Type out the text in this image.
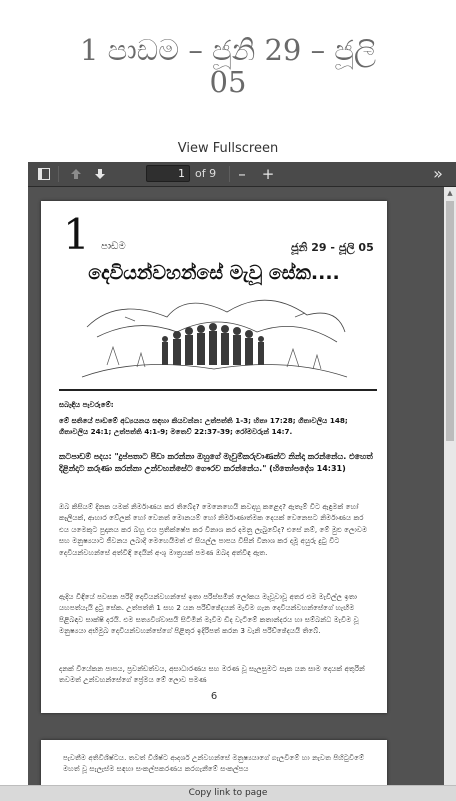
1 පාඩම – ජූනි 29 – ජූලි
05
View Fullscreen
1
of 9	–	+	»
1 පාඩම	ජූනි 29 - ජූලි 05
දෙවියන්වහන්සේ මැවූ සේක....

සබැඳිය පැවරුමේ:

මේ සතියේ පාඩමේ අධ්‍යයනය සඳහා කියවන්න: උත්පත්ති 1-3; හිතා 17:28; ගීතාවලිය 148; ගීතාවලිය 24:1; උත්පත්ති 4:1-9; මතෙව් 22:37-39; රෝමවරුන් 14:7.

කටපාඩම් පදය: "දුප්පතාට පීඩා කරන්නා ඔහුගේ මැවුම්කරුවාණන්ට නින්දා කරන්නේය. එහෙත් දිළින්දාට කරුණා කරන්නා උන්වහන්සේට ගෞරව කරන්නේය." (හිතෝපදේශ 14:31)

ඔබ කිසියම් දිනක යමක් නිර්මාණය කර තිබේද? මෙනෙහෙයි කවදාහු කළෙද? ඇතැම් විට ඇඳුමක් හෝ කෑලියක්, ආහාර වේලක් හෝ වෙනත් මොනයම් හෝ නිර්මාණාත්මක දෙයක් වෙනෙසට නිර්මාණය කර එය යමෙකුට පුදානය කර බහු එය ප්‍රතික්ෂේප කර විනාශ කර දමනු ලැබුවේද? එසේ නම්, මේ මුළු ලොවම සහ මනුෂ්‍යයාට ජීවනය ලබාදී මෙහෙයීමත් ඒ සියල්ල පාපය විසින් විනාශ කර දමූ අයුරු දුටු විට දෙවියන්වහන්සේ අත්විඳි දෙයින් අංශු මාත්‍රයක් පමණ ඔබද අත්විඳ ඇත.

ඇදිය විඳියේ පවසන පරිදි දෙවියන්වහන්සේ ඉතා පරිස්සමින් ලෝකය මැවූවාවූ අතර එම මැවිල්ල ඉතා යහපත්යැයි දුටු සේක. උත්පත්ති 1 සහ 2 යන පරිච්ඡේදයන් මැවීම ගැන දෙවියන්වහන්සේගේ හැඟීම පිළිබඳව සාක්ෂි දරයි. එම සත්‍යවිශ්වාසයි සිටීමින් මැවීම ඩිද වැටීමේ කතාන්දරය හා සම්බන්ධ මැවීම වූ මනුෂ්‍යයා අභිමුඛ දෙවියන්වහන්සේගේ පිළිතුර ඉදිරිපත් කරන 3 වැනි පරිච්ඡේදයයි තිබේ.

දනක් වියේකන පාපය, ප්‍රවන්ඩත්වය, අසාධාරණය සහ මරණ වූ සැලසුමට සැක යන සාම දෙයක් අතුරින් තවමත් උන්වහන්සේගේ ප්‍රේමය මේ ලොව පමණ

6
පැවතීම අතිවිශිෂ්ටය. තවත් විශිෂ්ට ආදර්ශ උන්වහන්සේ මනුෂ්‍යයාගේ ගැලවීමේ හා නැවත පිහිටුවීමේ මහත් වූ සැලැස්ම සඳහා සංකල්පකරණය කරගැනීමේ සංකල්පය
▲
Copy link to page
